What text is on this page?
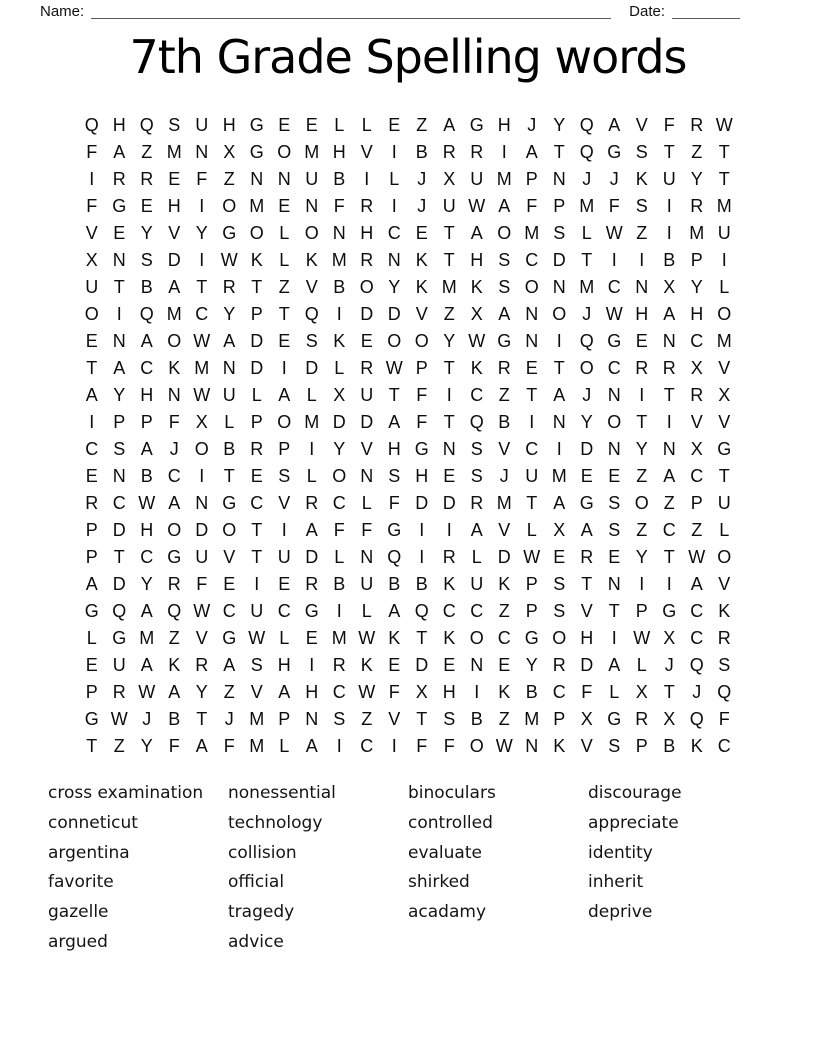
Name:	Date:
7th Grade Spelling words
Q H Q S U H G E E L L E Z A G H J Y Q A V F R W
F A Z M N X G O M H V	I	B R R	I	A T Q G S T Z T
I	R R E F Z N N U B	I	L	J X U M P N J	J K U Y T
F G E H	I O M E N F R	I	J U W A F P M F S	I	R M
V E Y V Y G O L O N H C E T A O M S L W Z	I M U
X N S D	I W K L K M R N K T H S C D T	I	I	B P	I
U T B A T R T Z V B O Y K M K S O N M C N X Y L
O I Q M C Y P T Q I	D D V Z X A N O J W H A H O
E N A O W A D E S K E O O Y W G N	I Q G E N C M
T A C K M N D	I	D L R W P T K R E T O C R R X V
A Y H N W U L A L X U T F	I	C Z T A J N	I	T R X
I	P P F X L P O M D D A F T Q B	I	N Y O T	I	V V
C S A J O B R P	I	Y V H G N S V C	I	D N Y N X G
E N B C	I	T E S L O N S H E S J U M E E Z A C T
R C W A N G C V R C L F D D R M T A G S O Z P U
P D H O D O T	I	A F F G I	I	A V L X A S Z C Z L
P T C G U V T U D L N Q I	R L D W E R E Y T W O
A D Y R F E	I	E R B U B B K U K P S T N	I	I	A V
G Q A Q W C U C G I	L A Q C C Z P S V T P G C K
L G M Z V G W L E M W K T K O C G O H	I W X C R
E U A K R A S H	I	R K E D E N E Y R D A L	J Q S
P R W A Y Z V A H C W F X H	I	K B C F L X T J Q
G W J B T J M P N S Z V T S B Z M P X G R X Q F
T Z Y F A F M L A	I	C	I	F F O W N K V S P B K C
cross examination
conneticut
argentina
favorite
gazelle
argued
nonessential
technology
collision
official
tragedy
advice
binoculars
controlled
evaluate
shirked
acadamy
discourage
appreciate
identity
inherit
deprive
